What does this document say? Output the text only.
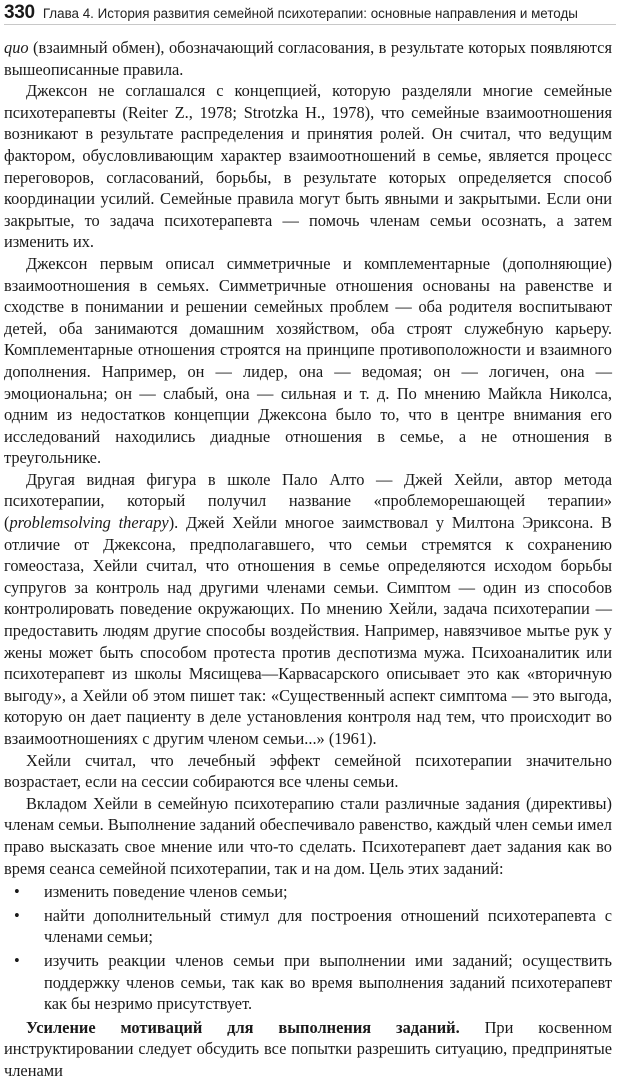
330 Глава 4. История развития семейной психотерапии: основные направления и методы

quo (взаимный обмен), обозначающий согласования, в результате которых появляются вышеописанные правила.

Джексон не соглашался с концепцией, которую разделяли многие семейные психотерапевты (Reiter Z., 1978; Strotzka H., 1978), что семейные взаимоотношения возникают в результате распределения и принятия ролей. Он считал, что ведущим фактором, обусловливающим характер взаимоотношений в семье, является процесс переговоров, согласований, борьбы, в результате которых определяется способ координации усилий. Семейные правила могут быть явными и закрытыми. Если они закрытые, то задача психотерапевта — помочь членам семьи осознать, а затем изменить их.

Джексон первым описал симметричные и комплементарные (дополняющие) взаимоотношения в семьях. Симметричные отношения основаны на равенстве и сходстве в понимании и решении семейных проблем — оба родителя воспитывают детей, оба занимаются домашним хозяйством, оба строят служебную карьеру. Комплементарные отношения строятся на принципе противоположности и взаимного дополнения. Например, он — лидер, она — ведомая; он — логичен, она — эмоциональна; он — слабый, она — сильная и т. д. По мнению Майкла Николса, одним из недостатков концепции Джексона было то, что в центре внимания его исследований находились диадные отношения в семье, а не отношения в треугольнике.

Другая видная фигура в школе Пало Алто — Джей Хейли, автор метода психотерапии, который получил название «проблеморешающей терапии» (problemsolving therapy). Джей Хейли многое заимствовал у Милтона Эриксона. В отличие от Джексона, предполагавшего, что семьи стремятся к сохранению гомеостаза, Хейли считал, что отношения в семье определяются исходом борьбы супругов за контроль над другими членами семьи. Симптом — один из способов контролировать поведение окружающих. По мнению Хейли, задача психотерапии — предоставить людям другие способы воздействия. Например, навязчивое мытье рук у жены может быть способом протеста против деспотизма мужа. Психоаналитик или психотерапевт из школы Мясищева—Карвасарского описывает это как «вторичную выгоду», а Хейли об этом пишет так: «Существенный аспект симптома — это выгода, которую он дает пациенту в деле установления контроля над тем, что происходит во взаимоотношениях с другим членом семьи...» (1961).

Хейли считал, что лечебный эффект семейной психотерапии значительно возрастает, если на сессии собираются все члены семьи.

Вкладом Хейли в семейную психотерапию стали различные задания (директивы) членам семьи. Выполнение заданий обеспечивало равенство, каждый член семьи имел право высказать свое мнение или что-то сделать. Психотерапевт дает задания как во время сеанса семейной психотерапии, так и на дом. Цель этих заданий:

• изменить поведение членов семьи;
• найти дополнительный стимул для построения отношений психотерапевта с членами семьи;
• изучить реакции членов семьи при выполнении ими заданий; осуществить поддержку членов семьи, так как во время выполнения заданий психотерапевт как бы незримо присутствует.

Усиление мотиваций для выполнения заданий. При косвенном инструктировании следует обсудить все попытки разрешить ситуацию, предпринятые членами
